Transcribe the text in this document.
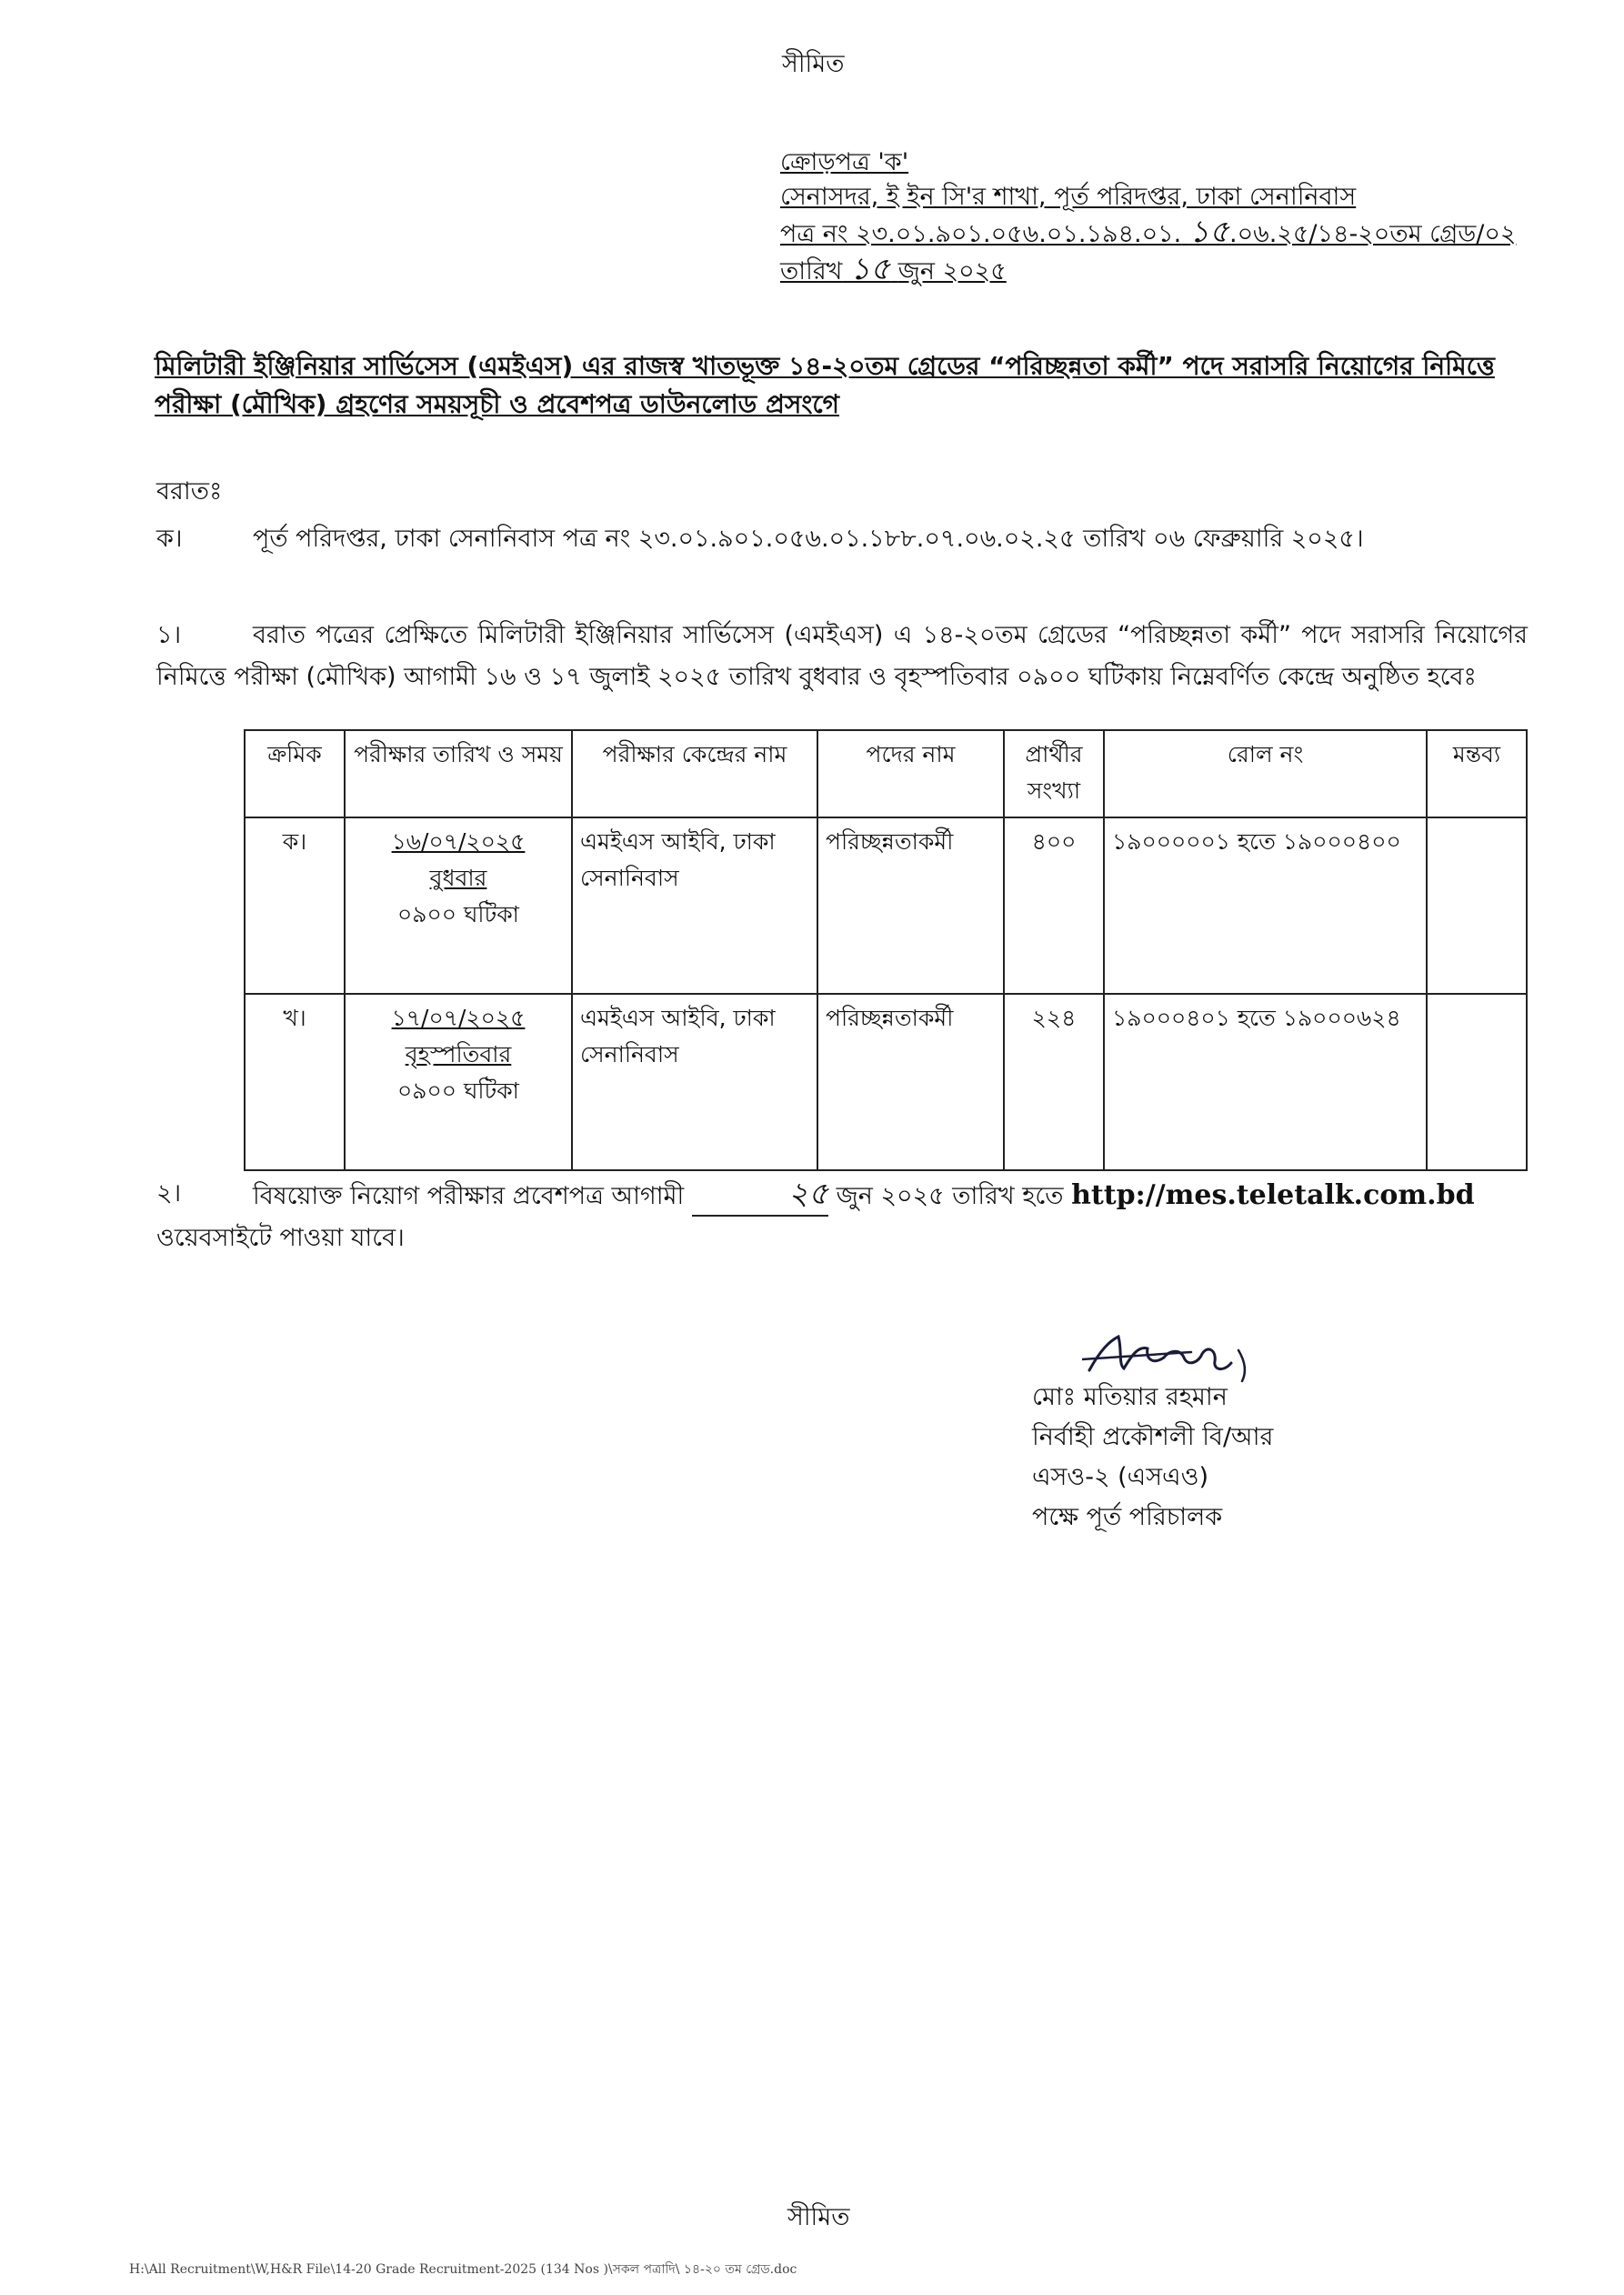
সীমিত
ক্রোড়পত্র 'ক'
সেনাসদর, ই ইন সি'র শাখা, পূর্ত পরিদপ্তর, ঢাকা সেনানিবাস
পত্র নং ২৩.০১.৯০১.০৫৬.০১.১৯৪.০১. ১৫.০৬.২৫/১৪-২০তম গ্রেড/০২
তারিখ ১৫ জুন ২০২৫
মিলিটারী ইঞ্জিনিয়ার সার্ভিসেস (এমইএস) এর রাজস্ব খাতভূক্ত ১৪-২০তম গ্রেডের “পরিচ্ছন্নতা কর্মী” পদে সরাসরি নিয়োগের নিমিত্তে পরীক্ষা (মৌখিক) গ্রহণের সময়সূচী ও প্রবেশপত্র ডাউনলোড প্রসংগে
বরাতঃ
ক।	পূর্ত পরিদপ্তর, ঢাকা সেনানিবাস পত্র নং ২৩.০১.৯০১.০৫৬.০১.১৮৮.০৭.০৬.০২.২৫ তারিখ ০৬ ফেব্রুয়ারি ২০২৫।
১।	বরাত পত্রের প্রেক্ষিতে মিলিটারী ইঞ্জিনিয়ার সার্ভিসেস (এমইএস) এ ১৪-২০তম গ্রেডের “পরিচ্ছন্নতা কর্মী” পদে সরাসরি নিয়োগের নিমিত্তে পরীক্ষা (মৌখিক) আগামী ১৬ ও ১৭ জুলাই ২০২৫ তারিখ বুধবার ও বৃহস্পতিবার ০৯০০ ঘটিকায় নিম্নেবর্ণিত কেন্দ্রে অনুষ্ঠিত হবেঃ
ক্রমিক	পরীক্ষার তারিখ ও সময়	পরীক্ষার কেন্দ্রের নাম	পদের নাম	প্রার্থীর সংখ্যা	রোল নং	মন্তব্য
ক।	১৬/০৭/২০২৫
বুধবার
০৯০০ ঘটিকা	এমইএস আইবি, ঢাকা সেনানিবাস	পরিচ্ছন্নতাকর্মী	৪০০	১৯০০০০০১ হতে ১৯০০০৪০০	
খ।	১৭/০৭/২০২৫
বৃহস্পতিবার
০৯০০ ঘটিকা	এমইএস আইবি, ঢাকা সেনানিবাস	পরিচ্ছন্নতাকর্মী	২২৪	১৯০০০৪০১ হতে ১৯০০০৬২৪	
২।	বিষয়োক্ত নিয়োগ পরীক্ষার প্রবেশপত্র আগামী	২৫ জুন ২০২৫ তারিখ হতে http://mes.teletalk.com.bd ওয়েবসাইটে পাওয়া যাবে।
মোঃ মতিয়ার রহমান
নির্বাহী প্রকৌশলী বি/আর
এসও-২ (এসএও)
পক্ষে পূর্ত পরিচালক
সীমিত
H:\All Recruitment\W,H&R File\14-20 Grade Recruitment-2025 (134 Nos )\সকল পত্রাদি\ ১৪-২০ তম গ্রেড.doc
